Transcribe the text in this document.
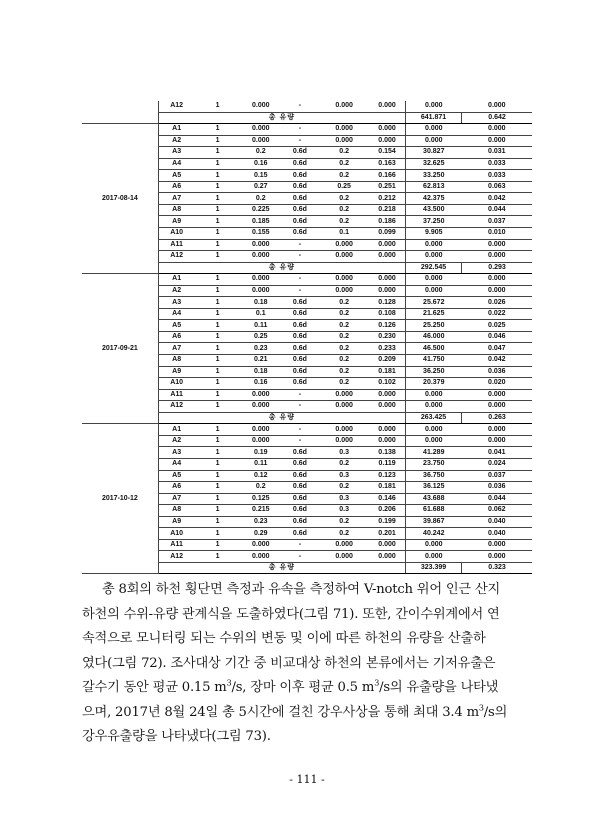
	A12	1	0.000	-	0.000	0.000	0.000	0.000
	총 유량						641.871	0.642
2017-08-14	A1	1	0.000	-	0.000	0.000	0.000	0.000
	A2	1	0.000	-	0.000	0.000	0.000	0.000
	A3	1	0.2	0.6d	0.2	0.154	30.827	0.031
	A4	1	0.16	0.6d	0.2	0.163	32.625	0.033
	A5	1	0.15	0.6d	0.2	0.166	33.250	0.033
	A6	1	0.27	0.6d	0.25	0.251	62.813	0.063
	A7	1	0.2	0.6d	0.2	0.212	42.375	0.042
	A8	1	0.225	0.6d	0.2	0.218	43.500	0.044
	A9	1	0.185	0.6d	0.2	0.186	37.250	0.037
	A10	1	0.155	0.6d	0.1	0.099	9.905	0.010
	A11	1	0.000	-	0.000	0.000	0.000	0.000
	A12	1	0.000	-	0.000	0.000	0.000	0.000
	총 유량						292.545	0.293
2017-09-21	A1	1	0.000	-	0.000	0.000	0.000	0.000
	A2	1	0.000	-	0.000	0.000	0.000	0.000
	A3	1	0.18	0.6d	0.2	0.128	25.672	0.026
	A4	1	0.1	0.6d	0.2	0.108	21.625	0.022
	A5	1	0.11	0.6d	0.2	0.126	25.250	0.025
	A6	1	0.25	0.6d	0.2	0.230	46.000	0.046
	A7	1	0.23	0.6d	0.2	0.233	46.500	0.047
	A8	1	0.21	0.6d	0.2	0.209	41.750	0.042
	A9	1	0.18	0.6d	0.2	0.181	36.250	0.036
	A10	1	0.16	0.6d	0.2	0.102	20.379	0.020
	A11	1	0.000	-	0.000	0.000	0.000	0.000
	A12	1	0.000	-	0.000	0.000	0.000	0.000
	총 유량						263.425	0.263
2017-10-12	A1	1	0.000	-	0.000	0.000	0.000	0.000
	A2	1	0.000	-	0.000	0.000	0.000	0.000
	A3	1	0.19	0.6d	0.3	0.138	41.289	0.041
	A4	1	0.11	0.6d	0.2	0.119	23.750	0.024
	A5	1	0.12	0.6d	0.3	0.123	36.750	0.037
	A6	1	0.2	0.6d	0.2	0.181	36.125	0.036
	A7	1	0.125	0.6d	0.3	0.146	43.688	0.044
	A8	1	0.215	0.6d	0.3	0.206	61.688	0.062
	A9	1	0.23	0.6d	0.2	0.199	39.867	0.040
	A10	1	0.29	0.6d	0.2	0.201	40.242	0.040
	A11	1	0.000	-	0.000	0.000	0.000	0.000
	A12	1	0.000	-	0.000	0.000	0.000	0.000
	총 유량						323.399	0.323

총 8회의 하천 횡단면 측정과 유속을 측정하여 V-notch 위어 인근 산지

하천의 수위-유량 관계식을 도출하였다(그림 71). 또한, 간이수위계에서 연
속적으로 모니터링 되는 수위의 변동 및 이에 따른 하천의 유량을 산출하
였다(그림 72). 조사대상 기간 중 비교대상 하천의 본류에서는 기저유출은
갈수기 동안 평균 0.15 $m^3/s$, 장마 이후 평균 0.5 $m^3/s$의 유출량을 나타냈
으며, 2017년 8월 24일 총 5시간에 걸친 강우사상을 통해 최대 3.4 $m^3/s$의
강우유출량을 나타냈다(그림 73).
- 111 -
